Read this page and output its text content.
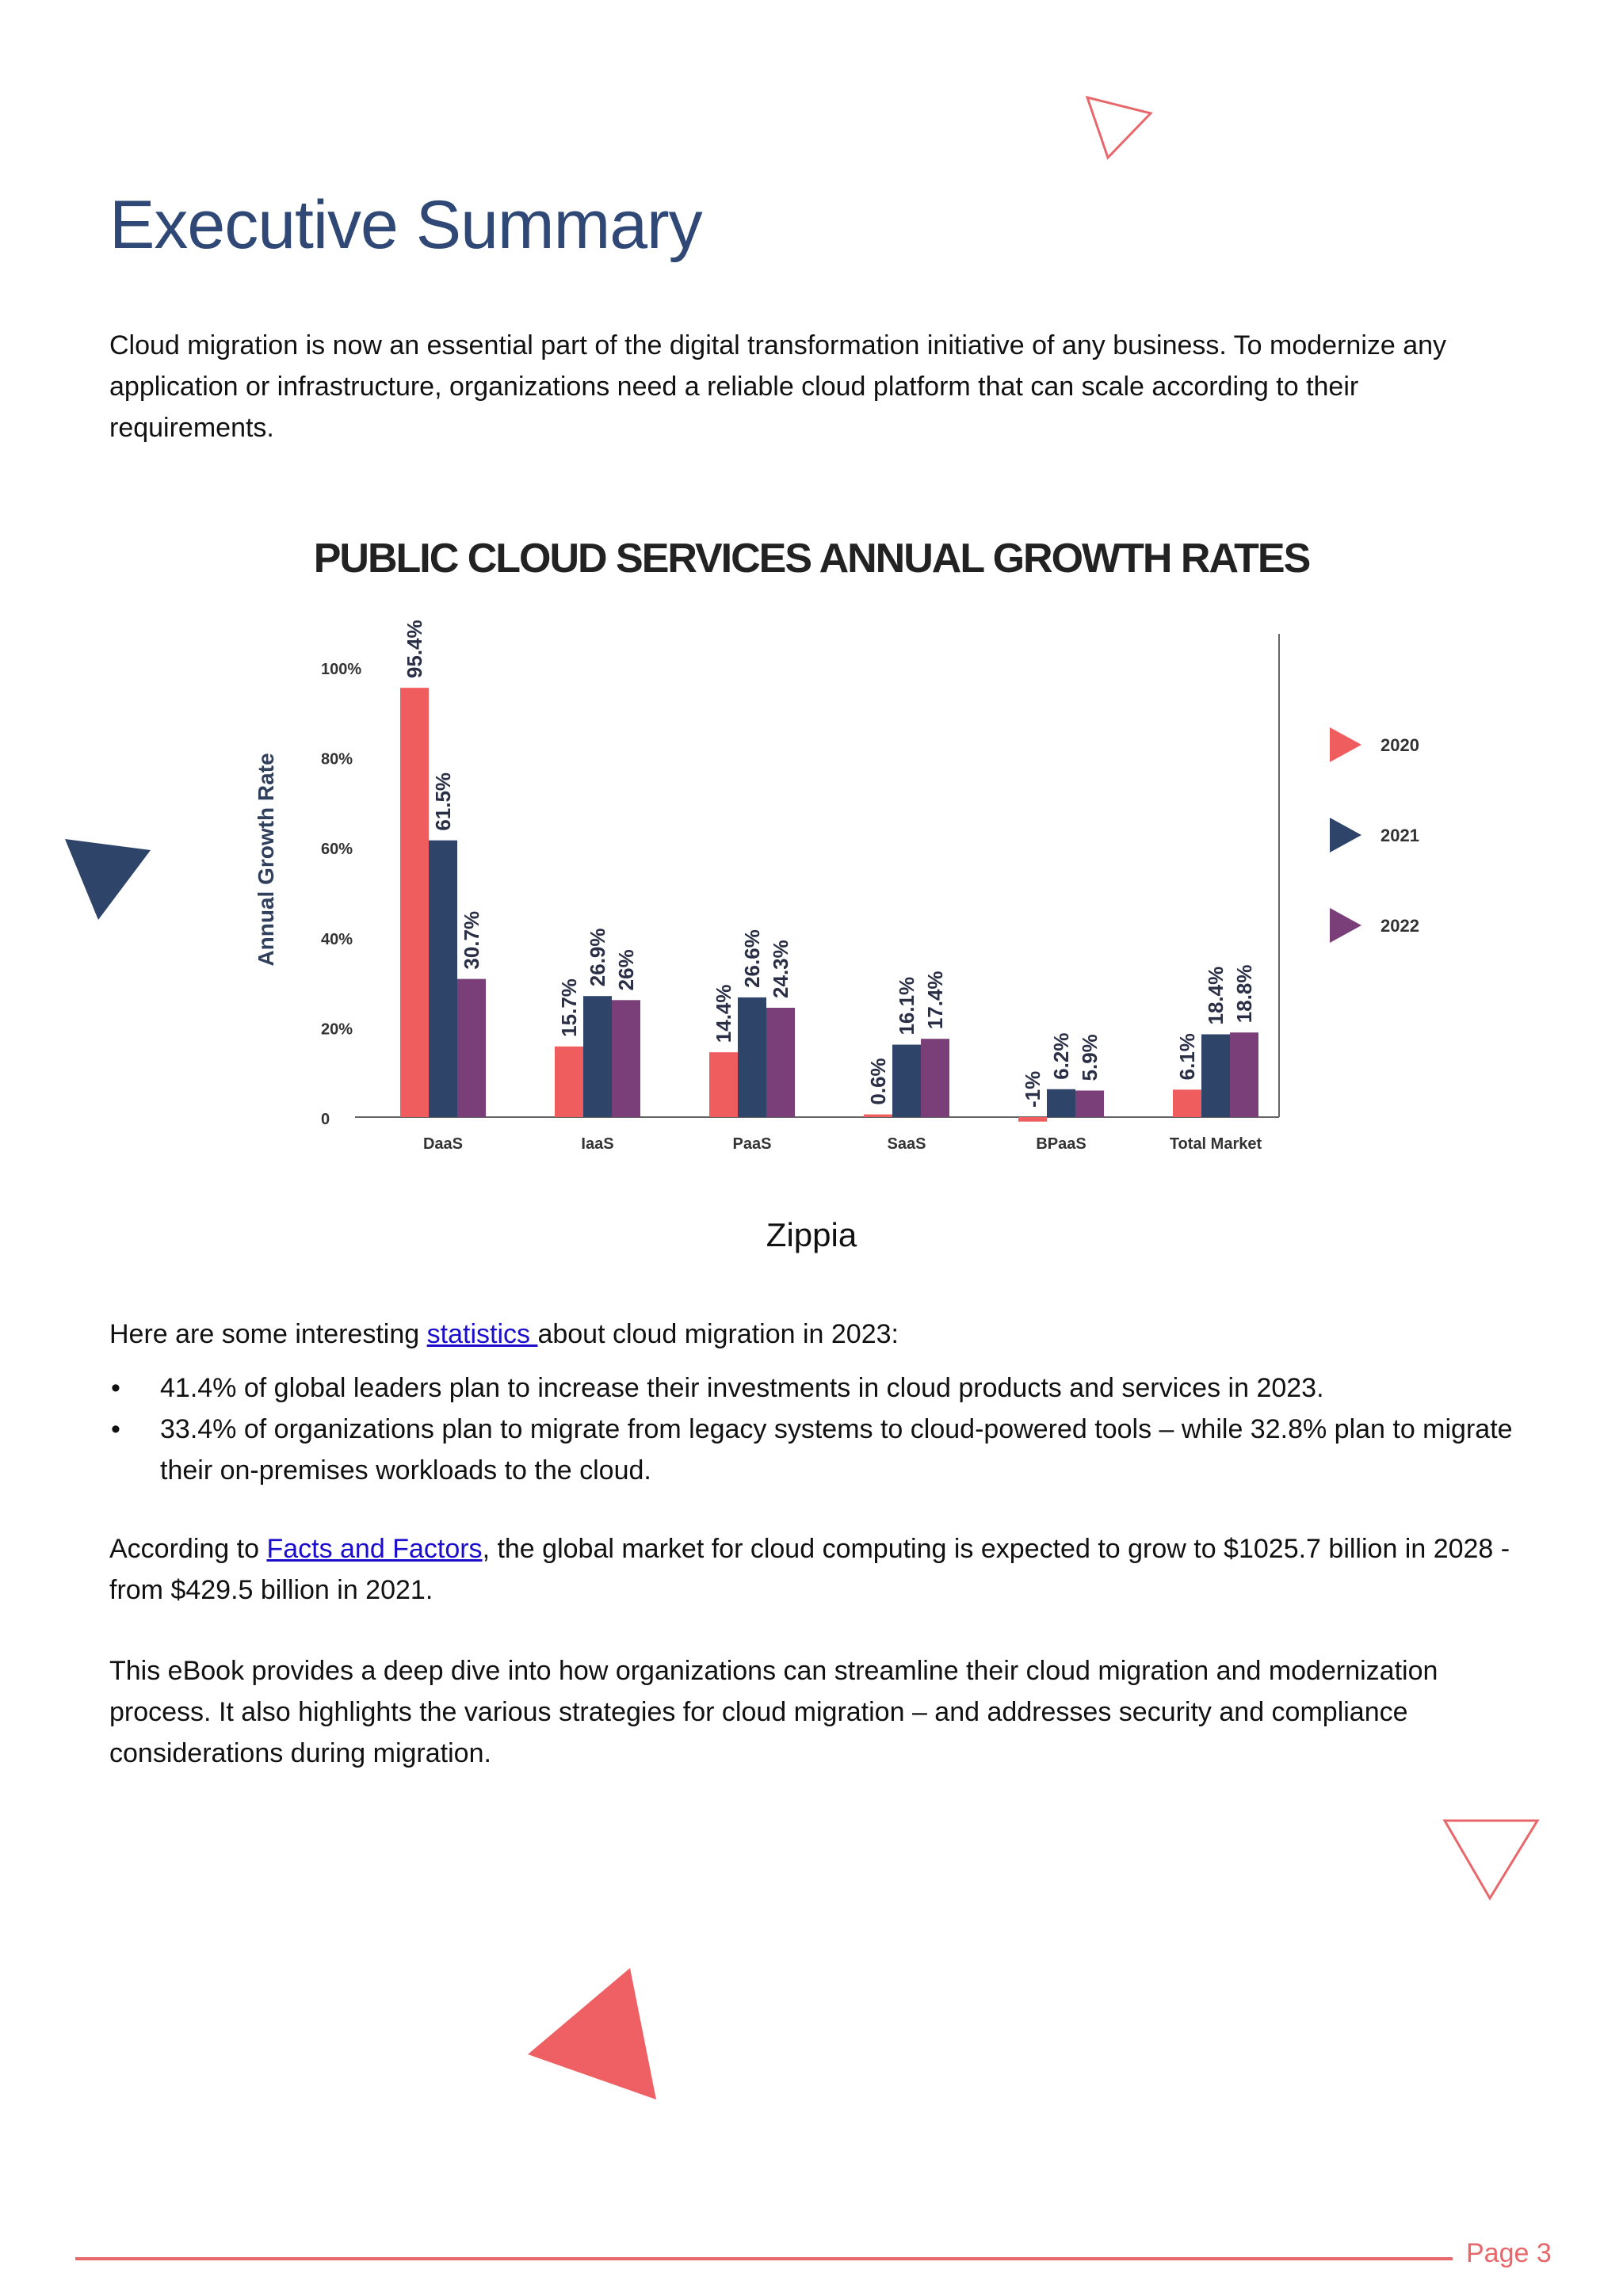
Executive Summary

Cloud migration is now an essential part of the digital transformation initiative of any business. To modernize any application or infrastructure, organizations need a reliable cloud platform that can scale according to their requirements.

PUBLIC CLOUD SERVICES ANNUAL GROWTH RATES
Annual Growth Rate
0
20%
40%
60%
80%
100%
DaaS	IaaS	PaaS	SaaS	BPaaS	Total Market
95.4%
61.5%
30.7%
15.7%
26.9% 26%
14.4%
26.6% 24.3%
0.6%
16.1% 17.4%
-1%
6.2% 5.9%	6.1%
18.4% 18.8%
2020
2021
2022
Zippia

Here are some interesting statistics about cloud migration in 2023:

• 41.4% of global leaders plan to increase their investments in cloud products and services in 2023.
• 33.4% of organizations plan to migrate from legacy systems to cloud-powered tools – while 32.8% plan to migrate their on-premises workloads to the cloud.

According to Facts and Factors, the global market for cloud computing is expected to grow to $1025.7 billion in 2028 - from $429.5 billion in 2021.

This eBook provides a deep dive into how organizations can streamline their cloud migration and modernization process. It also highlights the various strategies for cloud migration – and addresses security and compliance considerations during migration.

Page 3
